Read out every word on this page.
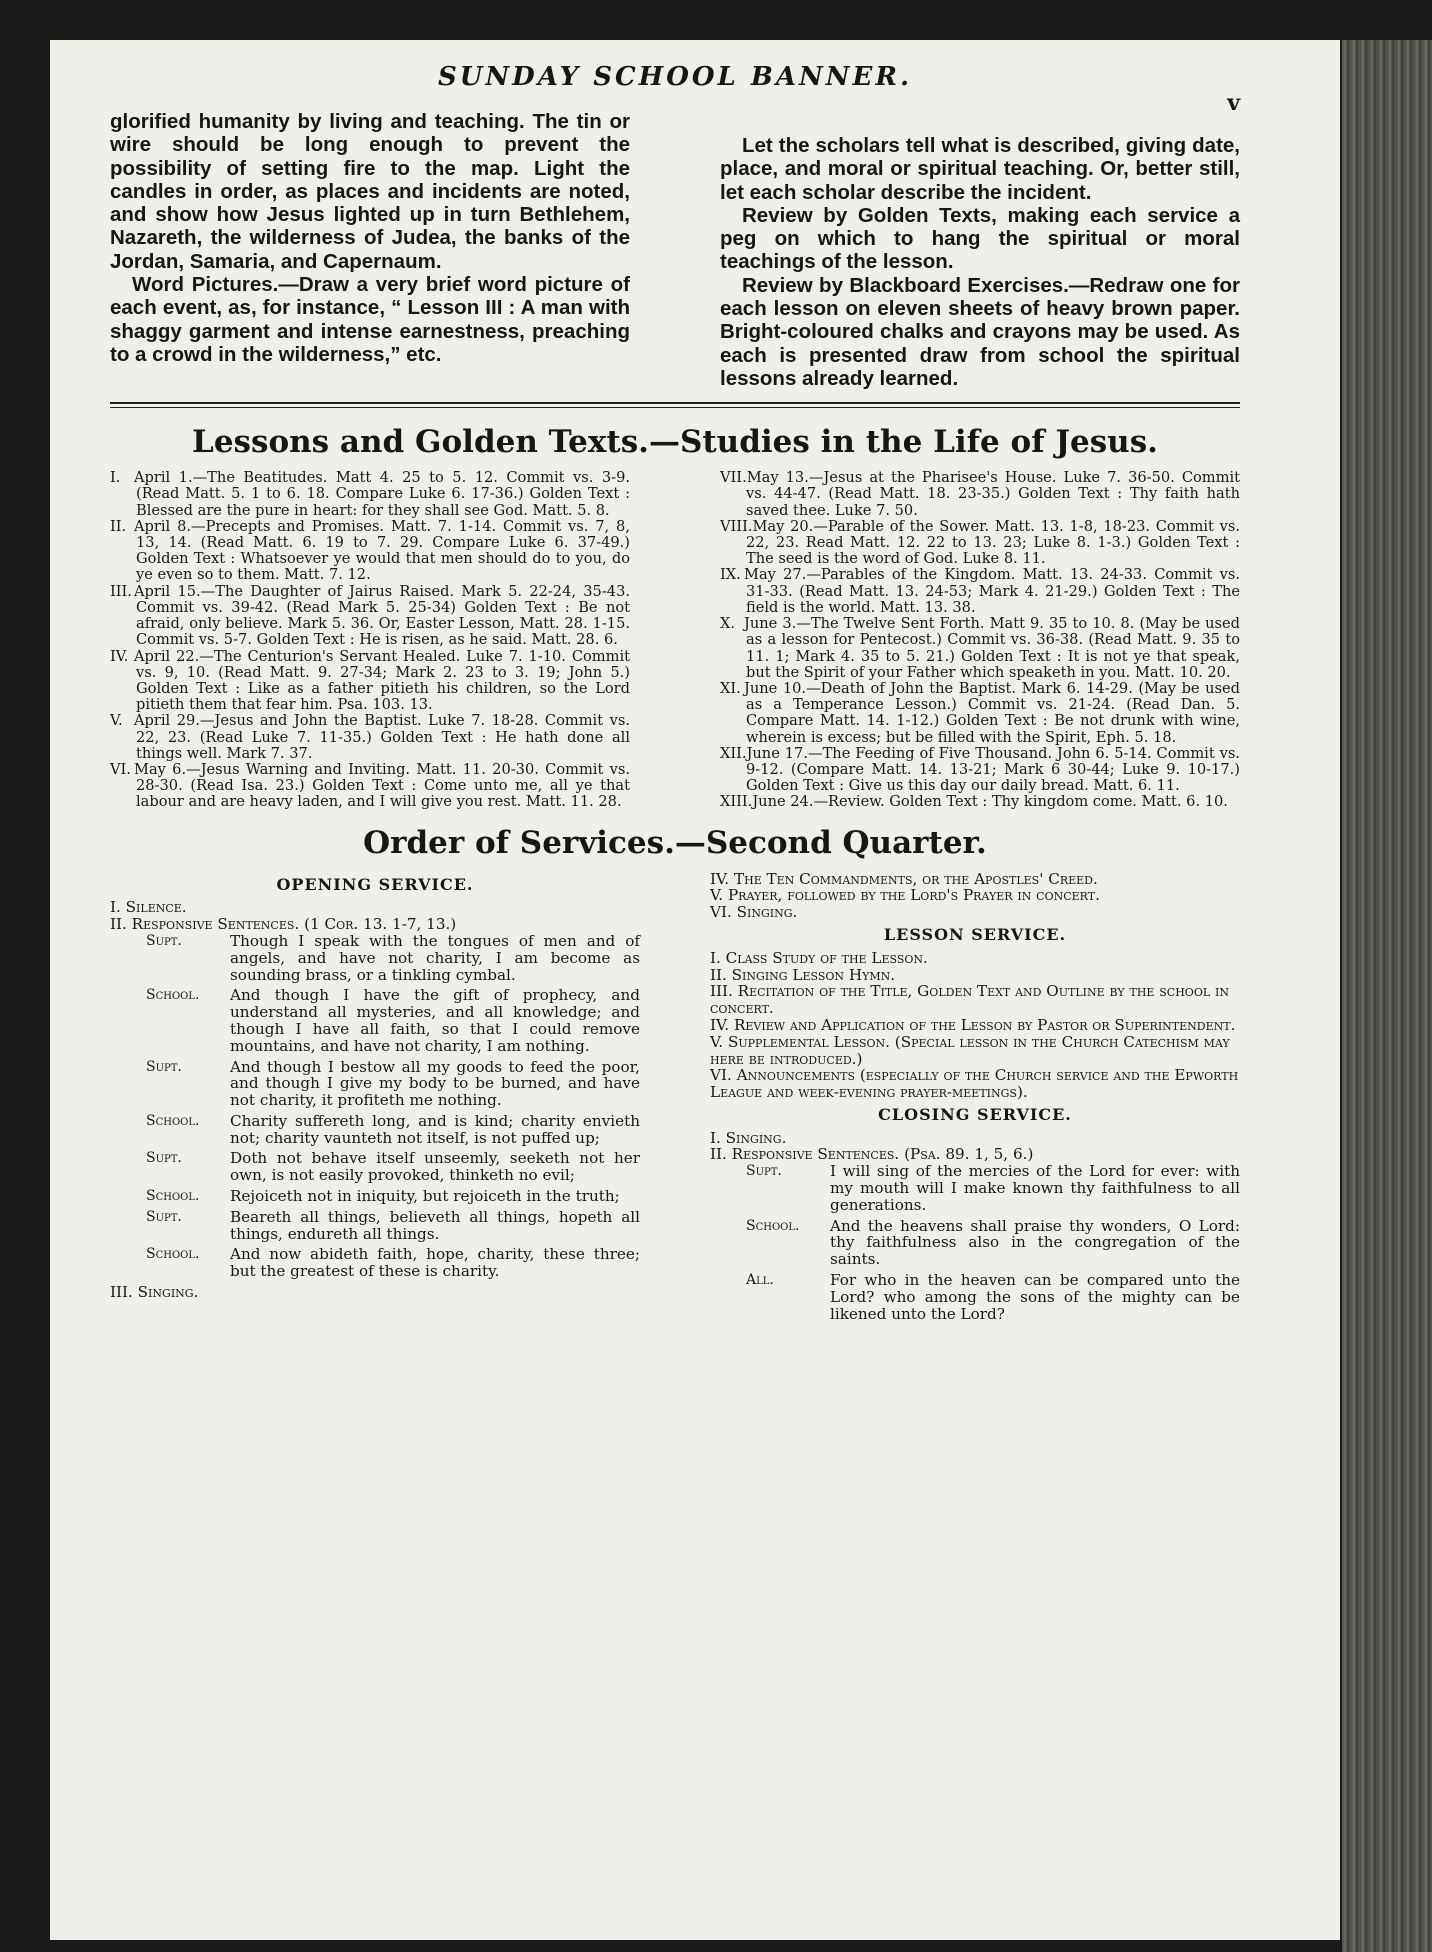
SUNDAY SCHOOL BANNER.
v

glorified humanity by living and teaching. The tin or wire should be long enough to prevent the possibility of setting fire to the map. Light the candles in order, as places and incidents are noted, and show how Jesus lighted up in turn Bethlehem, Nazareth, the wilderness of Judea, the banks of the Jordan, Samaria, and Capernaum.

Word Pictures.—Draw a very brief word picture of each event, as, for instance, “ Lesson III : A man with shaggy garment and intense earnestness, preaching to a crowd in the wilderness,” etc.

Let the scholars tell what is described, giving date, place, and moral or spiritual teaching. Or, better still, let each scholar describe the incident.

Review by Golden Texts, making each service a peg on which to hang the spiritual or moral teachings of the lesson.

Review by Blackboard Exercises.—Redraw one for each lesson on eleven sheets of heavy brown paper. Bright-coloured chalks and crayons may be used. As each is presented draw from school the spiritual lessons already learned.

Lessons and Golden Texts.—Studies in the Life of Jesus.

I. April 1.—The Beatitudes. Matt 4. 25 to 5. 12. Commit vs. 3-9. (Read Matt. 5. 1 to 6. 18. Compare Luke 6. 17-36.) Golden Text : Blessed are the pure in heart: for they shall see God. Matt. 5. 8.

II. April 8.—Precepts and Promises. Matt. 7. 1-14. Commit vs. 7, 8, 13, 14. (Read Matt. 6. 19 to 7. 29. Compare Luke 6. 37-49.) Golden Text : Whatsoever ye would that men should do to you, do ye even so to them. Matt. 7. 12.

III. April 15.—The Daughter of Jairus Raised. Mark 5. 22-24, 35-43. Commit vs. 39-42. (Read Mark 5. 25-34) Golden Text : Be not afraid, only believe. Mark 5. 36. Or, Easter Lesson, Matt. 28. 1-15. Commit vs. 5-7. Golden Text : He is risen, as he said. Matt. 28. 6.

IV. April 22.—The Centurion's Servant Healed. Luke 7. 1-10. Commit vs. 9, 10. (Read Matt. 9. 27-34; Mark 2. 23 to 3. 19; John 5.) Golden Text : Like as a father pitieth his children, so the Lord pitieth them that fear him. Psa. 103. 13.

V. April 29.—Jesus and John the Baptist. Luke 7. 18-28. Commit vs. 22, 23. (Read Luke 7. 11-35.) Golden Text : He hath done all things well. Mark 7. 37.

VI. May 6.—Jesus Warning and Inviting. Matt. 11. 20-30. Commit vs. 28-30. (Read Isa. 23.) Golden Text : Come unto me, all ye that labour and are heavy laden, and I will give you rest. Matt. 11. 28.

VII.May 13.—Jesus at the Pharisee's House. Luke 7. 36-50. Commit vs. 44-47. (Read Matt. 18. 23-35.) Golden Text : Thy faith hath saved thee. Luke 7. 50.

VIII.May 20.—Parable of the Sower. Matt. 13. 1-8, 18-23. Commit vs. 22, 23. Read Matt. 12. 22 to 13. 23; Luke 8. 1-3.) Golden Text : The seed is the word of God. Luke 8. 11.

IX. May 27.—Parables of the Kingdom. Matt. 13. 24-33. Commit vs. 31-33. (Read Matt. 13. 24-53; Mark 4. 21-29.) Golden Text : The field is the world. Matt. 13. 38.

X. June 3.—The Twelve Sent Forth. Matt 9. 35 to 10. 8. (May be used as a lesson for Pentecost.) Commit vs. 36-38. (Read Matt. 9. 35 to 11. 1; Mark 4. 35 to 5. 21.) Golden Text : It is not ye that speak, but the Spirit of your Father which speaketh in you. Matt. 10. 20.

XI. June 10.—Death of John the Baptist. Mark 6. 14-29. (May be used as a Temperance Lesson.) Commit vs. 21-24. (Read Dan. 5. Compare Matt. 14. 1-12.) Golden Text : Be not drunk with wine, wherein is excess; but be filled with the Spirit, Eph. 5. 18.

XII.June 17.—The Feeding of Five Thousand. John 6. 5-14. Commit vs. 9-12. (Compare Matt. 14. 13-21; Mark 6 30-44; Luke 9. 10-17.) Golden Text : Give us this day our daily bread. Matt. 6. 11.

XIII.June 24.—Review. Golden Text : Thy kingdom come. Matt. 6. 10.

Order of Services.—Second Quarter.
OPENING SERVICE.

I. Silence.

II. Responsive Sentences. (1 Cor. 13. 1-7, 13.)

Supt.	Though I speak with the tongues of men and of angels, and have not charity, I am become as sounding brass, or a tinkling cymbal.
School.	And though I have the gift of prophecy, and understand all mysteries, and all knowledge; and though I have all faith, so that I could remove mountains, and have not charity, I am nothing.
Supt.	And though I bestow all my goods to feed the poor, and though I give my body to be burned, and have not charity, it profiteth me nothing.
School.	Charity suffereth long, and is kind; charity envieth not; charity vaunteth not itself, is not puffed up;
Supt.	Doth not behave itself unseemly, seeketh not her own, is not easily provoked, thinketh no evil;
School.	Rejoiceth not in iniquity, but rejoiceth in the truth;
Supt.	Beareth all things, believeth all things, hopeth all things, endureth all things.
School.	And now abideth faith, hope, charity, these three; but the greatest of these is charity.

III. Singing.

IV. The Ten Commandments, or the Apostles' Creed.

V. Prayer, followed by the Lord's Prayer in concert.

VI. Singing.

LESSON SERVICE.

I. Class Study of the Lesson.

II. Singing Lesson Hymn.

III. Recitation of the Title, Golden Text and Outline by the school in concert.

IV. Review and Application of the Lesson by Pastor or Superintendent.

V. Supplemental Lesson. (Special lesson in the Church Catechism may here be introduced.)

VI. Announcements (especially of the Church service and the Epworth League and week-evening prayer-meetings).

CLOSING SERVICE.

I. Singing.

II. Responsive Sentences. (Psa. 89. 1, 5, 6.)

Supt.	I will sing of the mercies of the Lord for ever: with my mouth will I make known thy faithfulness to all generations.
School.	And the heavens shall praise thy wonders, O Lord: thy faithfulness also in the congregation of the saints.
All.	For who in the heaven can be compared unto the Lord? who among the sons of the mighty can be likened unto the Lord?
